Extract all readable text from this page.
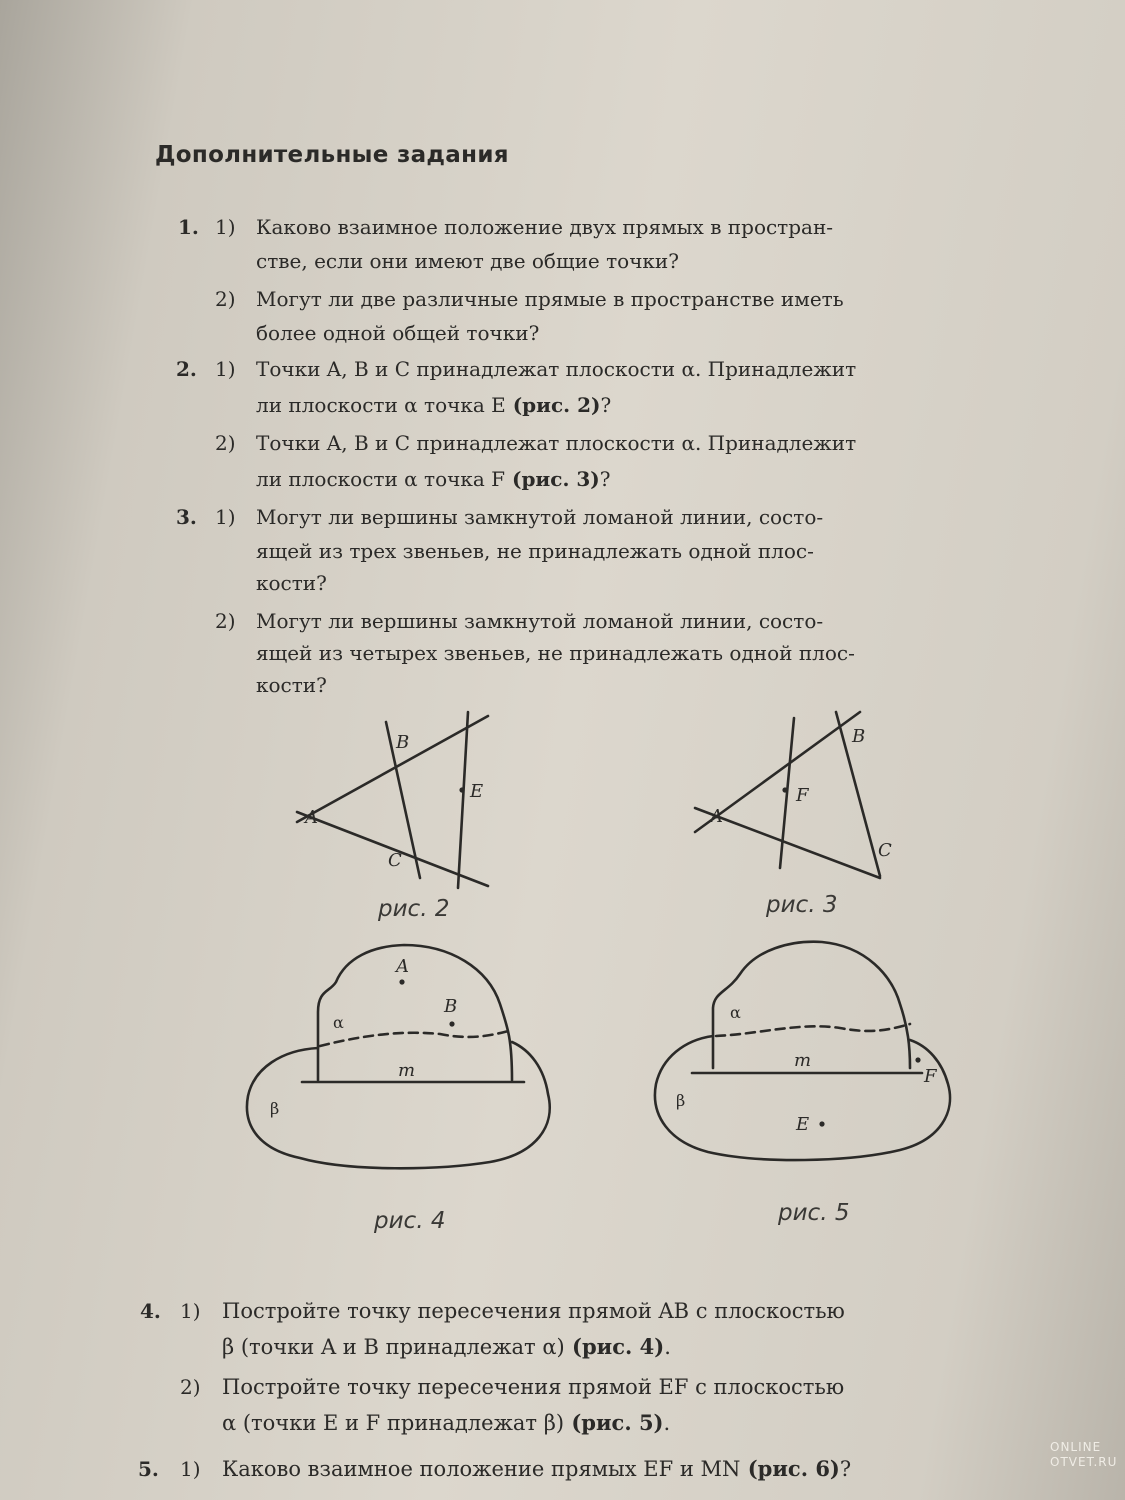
Дополнительные задания
1. 1) Каково взаимное положение двух прямых в простран-
стве, если они имеют две общие точки?
2) Могут ли две различные прямые в пространстве иметь
более одной общей точки?
2. 1) Точки A, B и C принадлежат плоскости α. Принадлежит
ли плоскости α точка E (рис. 2)?
2) Точки A, B и C принадлежат плоскости α. Принадлежит
ли плоскости α точка F (рис. 3)?
3. 1) Могут ли вершины замкнутой ломаной линии, состо-
ящей из трех звеньев, не принадлежать одной плос-
кости?
2) Могут ли вершины замкнутой ломаной линии, состо-
ящей из четырех звеньев, не принадлежать одной плос-
кости?
A
B
C
E
A
B
C
F
A
B
α
β
m
α
β
m
E
F
рис. 2	рис. 3
рис. 4	рис. 5
4. 1) Постройте точку пересечения прямой AB с плоскостью
β (точки A и B принадлежат α) (рис. 4).
2) Постройте точку пересечения прямой EF с плоскостью
α (точки E и F принадлежат β) (рис. 5).
5. 1) Каково взаимное положение прямых EF и MN (рис. 6)?
ONLINE
OTVET.RU
